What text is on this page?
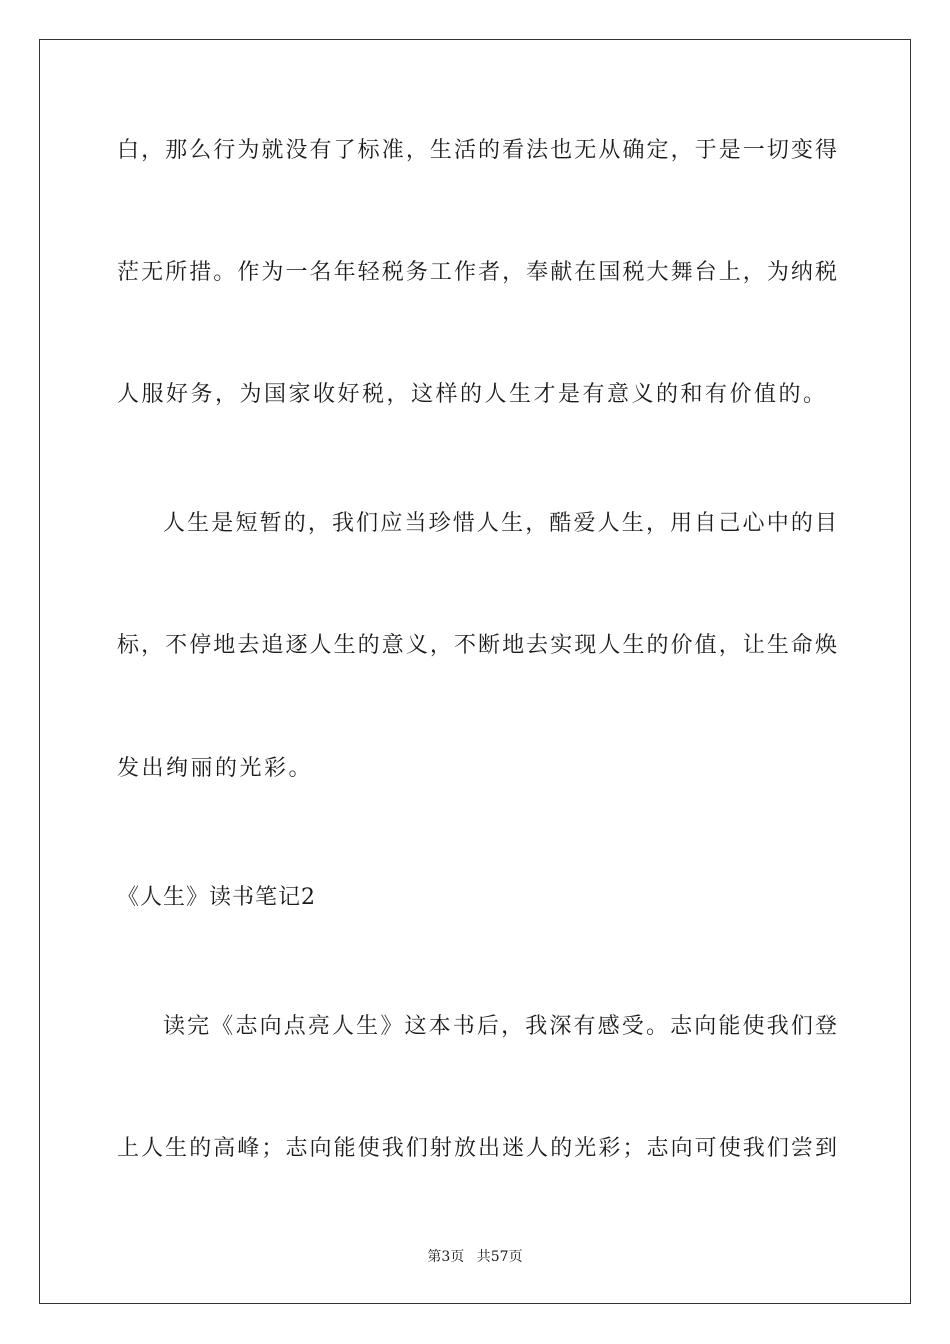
白，那么行为就没有了标准，生活的看法也无从确定，于是一切变得
茫无所措。作为一名年轻税务工作者，奉献在国税大舞台上，为纳税
人服好务，为国家收好税，这样的人生才是有意义的和有价值的。
人生是短暂的，我们应当珍惜人生，酷爱人生，用自己心中的目
标，不停地去追逐人生的意义，不断地去实现人生的价值，让生命焕
发出绚丽的光彩。
《人生》读书笔记2
读完《志向点亮人生》这本书后，我深有感受。志向能使我们登
上人生的高峰；志向能使我们射放出迷人的光彩；志向可使我们尝到
第3页 共57页
